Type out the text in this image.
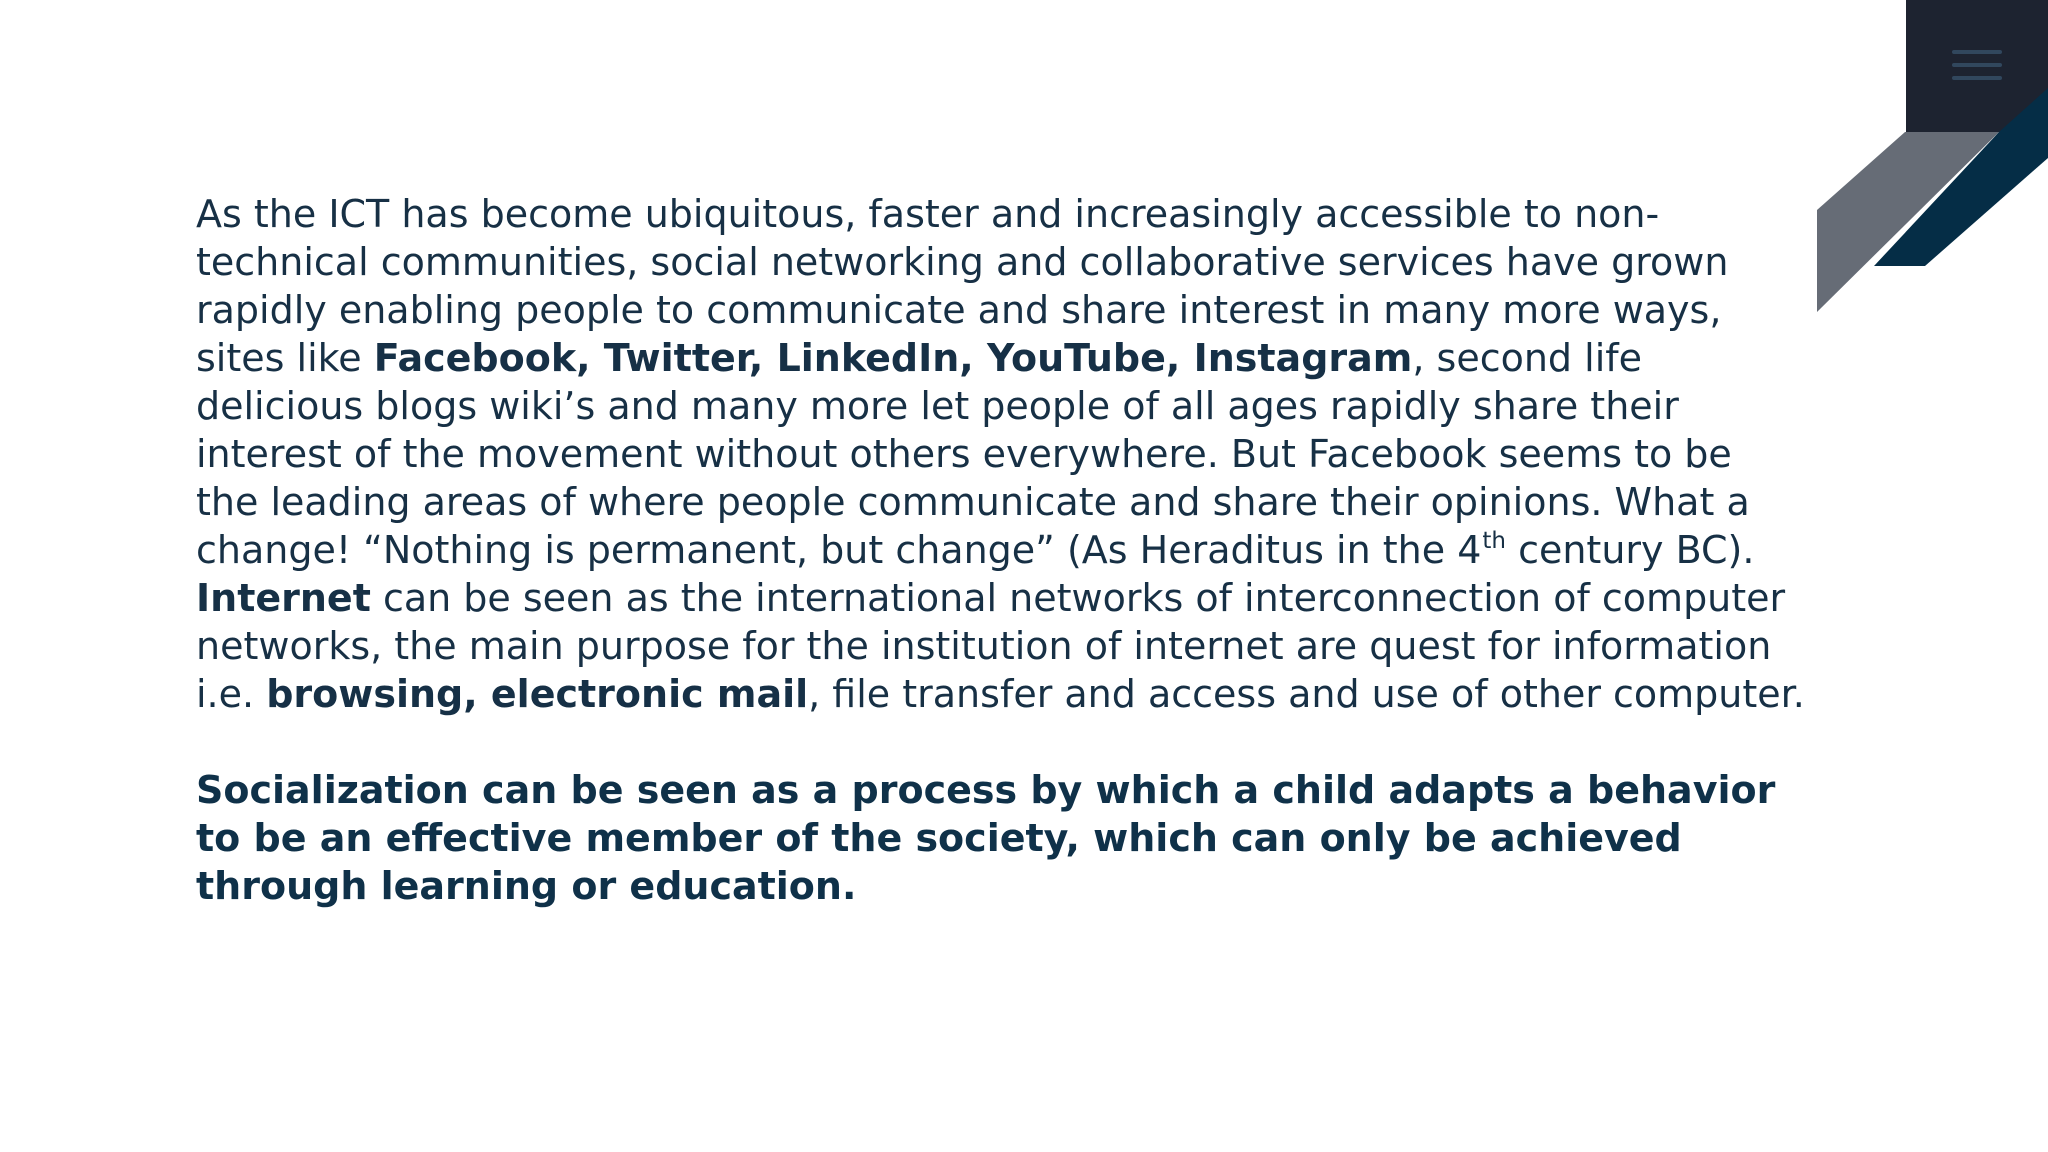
As the ICT has become ubiquitous, faster and increasingly accessible to non-technical communities, social networking and collaborative services have grown rapidly enabling people to communicate and share interest in many more ways, sites like Facebook, Twitter, LinkedIn, YouTube, Instagram, second life delicious blogs wiki’s and many more let people of all ages rapidly share their interest of the movement without others everywhere. But Facebook seems to be the leading areas of where people communicate and share their opinions. What a change! “Nothing is permanent, but change” (As Heraditus in the 4th century BC). Internet can be seen as the international networks of interconnection of computer networks, the main purpose for the institution of internet are quest for information i.e. browsing, electronic mail, file transfer and access and use of other computer.

Socialization can be seen as a process by which a child adapts a behavior to be an effective member of the society, which can only be achieved through learning or education.
